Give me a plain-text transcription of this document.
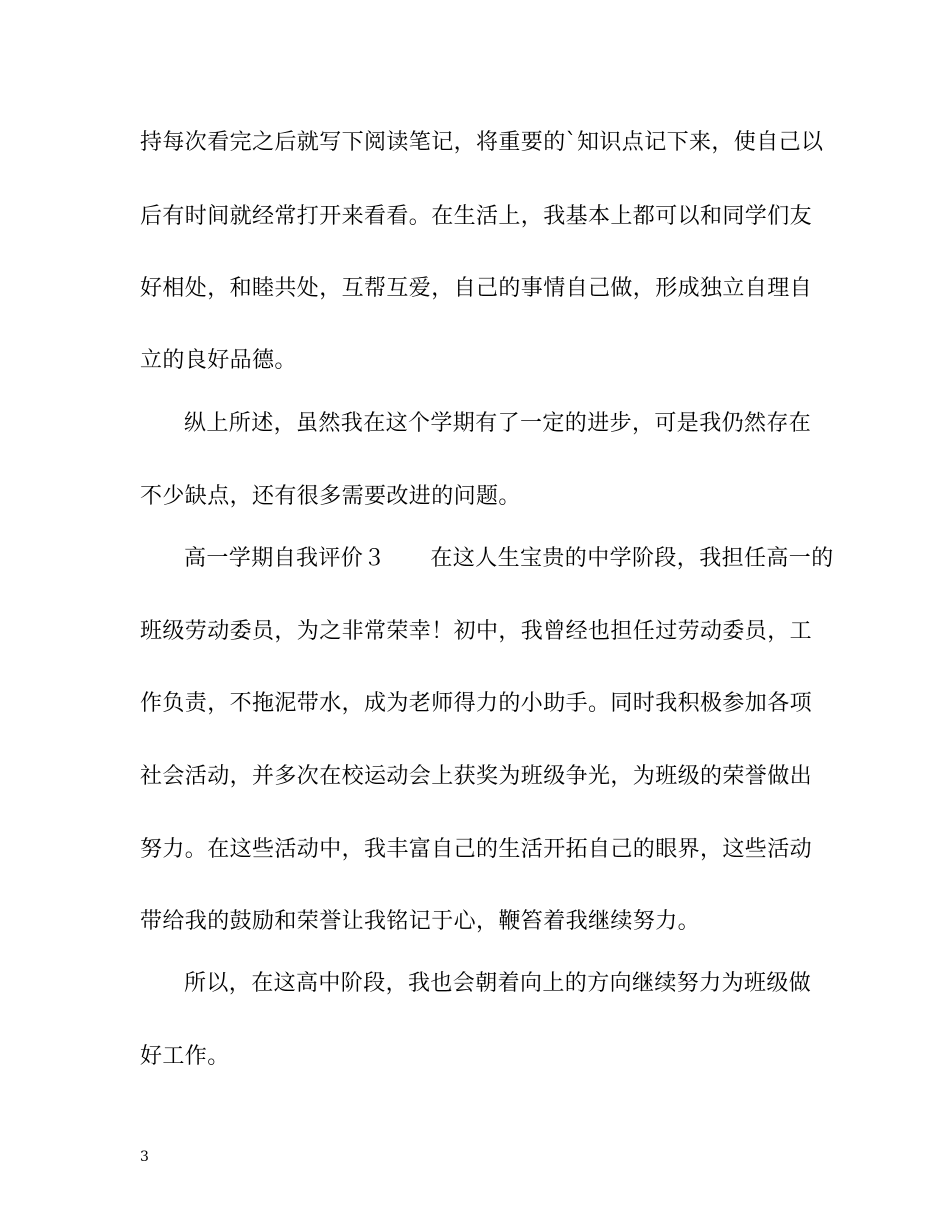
持每次看完之后就写下阅读笔记，将重要的`知识点记下来，使自己以
后有时间就经常打开来看看。在生活上，我基本上都可以和同学们友
好相处，和睦共处，互帮互爱，自己的事情自己做，形成独立自理自
立的良好品德。
纵上所述，虽然我在这个学期有了一定的进步，可是我仍然存在
不少缺点，还有很多需要改进的问题。
高一学期自我评价３　　在这人生宝贵的中学阶段，我担任高一的
班级劳动委员，为之非常荣幸！初中，我曾经也担任过劳动委员，工
作负责，不拖泥带水，成为老师得力的小助手。同时我积极参加各项
社会活动，并多次在校运动会上获奖为班级争光，为班级的荣誉做出
努力。在这些活动中，我丰富自己的生活开拓自己的眼界，这些活动
带给我的鼓励和荣誉让我铭记于心，鞭笞着我继续努力。
所以，在这高中阶段，我也会朝着向上的方向继续努力为班级做
好工作。
3
